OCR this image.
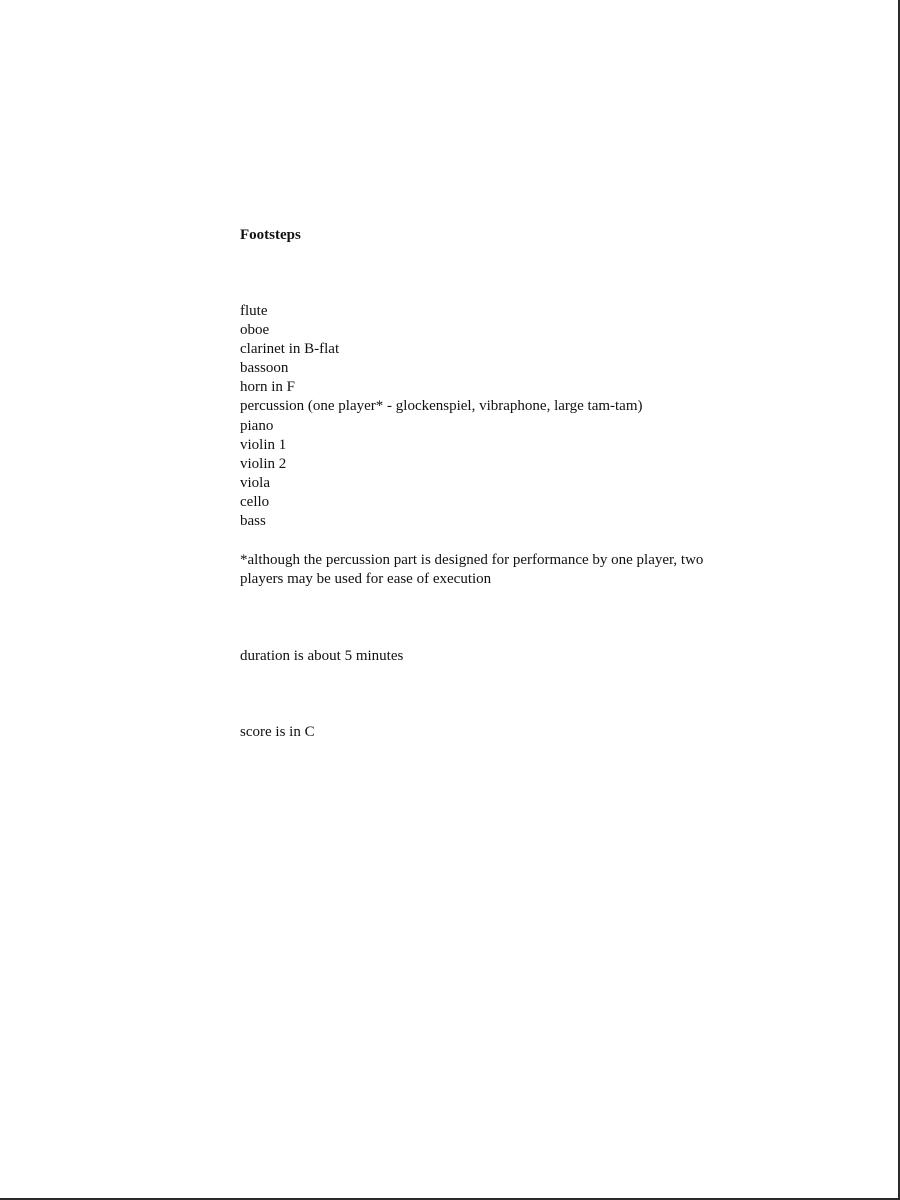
Footsteps
flute
oboe
clarinet in B-flat
bassoon
horn in F
percussion (one player* - glockenspiel, vibraphone, large tam-tam)
piano
violin 1
violin 2
viola
cello
bass

*although the percussion part is designed for performance by one player, two
players may be used for ease of execution

duration is about 5 minutes

score is in C
